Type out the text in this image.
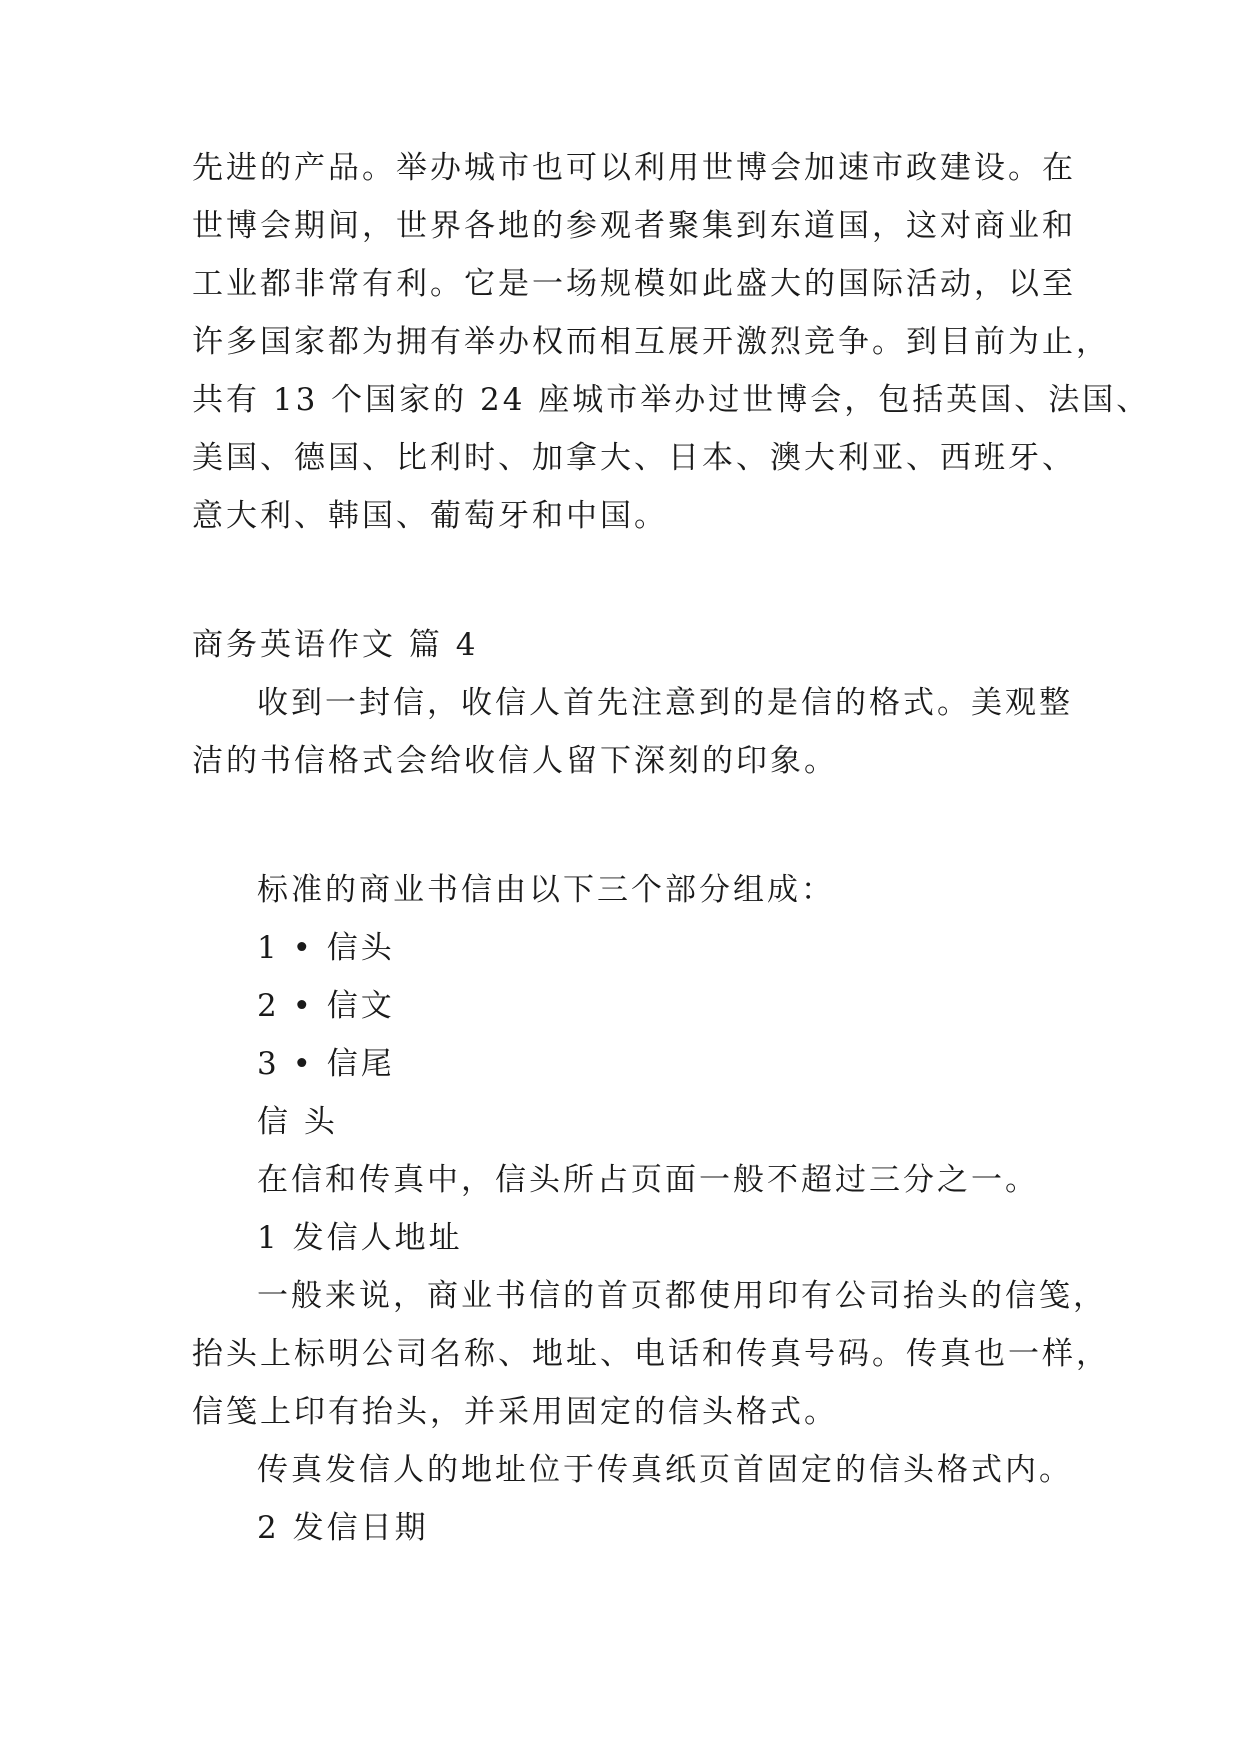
先进的产品。举办城市也可以利用世博会加速市政建设。在
世博会期间，世界各地的参观者聚集到东道国，这对商业和
工业都非常有利。它是一场规模如此盛大的国际活动，以至
许多国家都为拥有举办权而相互展开激烈竞争。到目前为止，
共有 13 个国家的 24 座城市举办过世博会，包括英国、法国、
美国、德国、比利时、加拿大、日本、澳大利亚、西班牙、
意大利、韩国、葡萄牙和中国。
商务英语作文 篇 4
收到一封信，收信人首先注意到的是信的格式。美观整
洁的书信格式会给收信人留下深刻的印象。
标准的商业书信由以下三个部分组成：
1 • 信头
2 • 信文
3 • 信尾
信 头
在信和传真中，信头所占页面一般不超过三分之一。
1 发信人地址
一般来说，商业书信的首页都使用印有公司抬头的信笺，
抬头上标明公司名称、地址、电话和传真号码。传真也一样，
信笺上印有抬头，并采用固定的信头格式。
传真发信人的地址位于传真纸页首固定的信头格式内。
2 发信日期
